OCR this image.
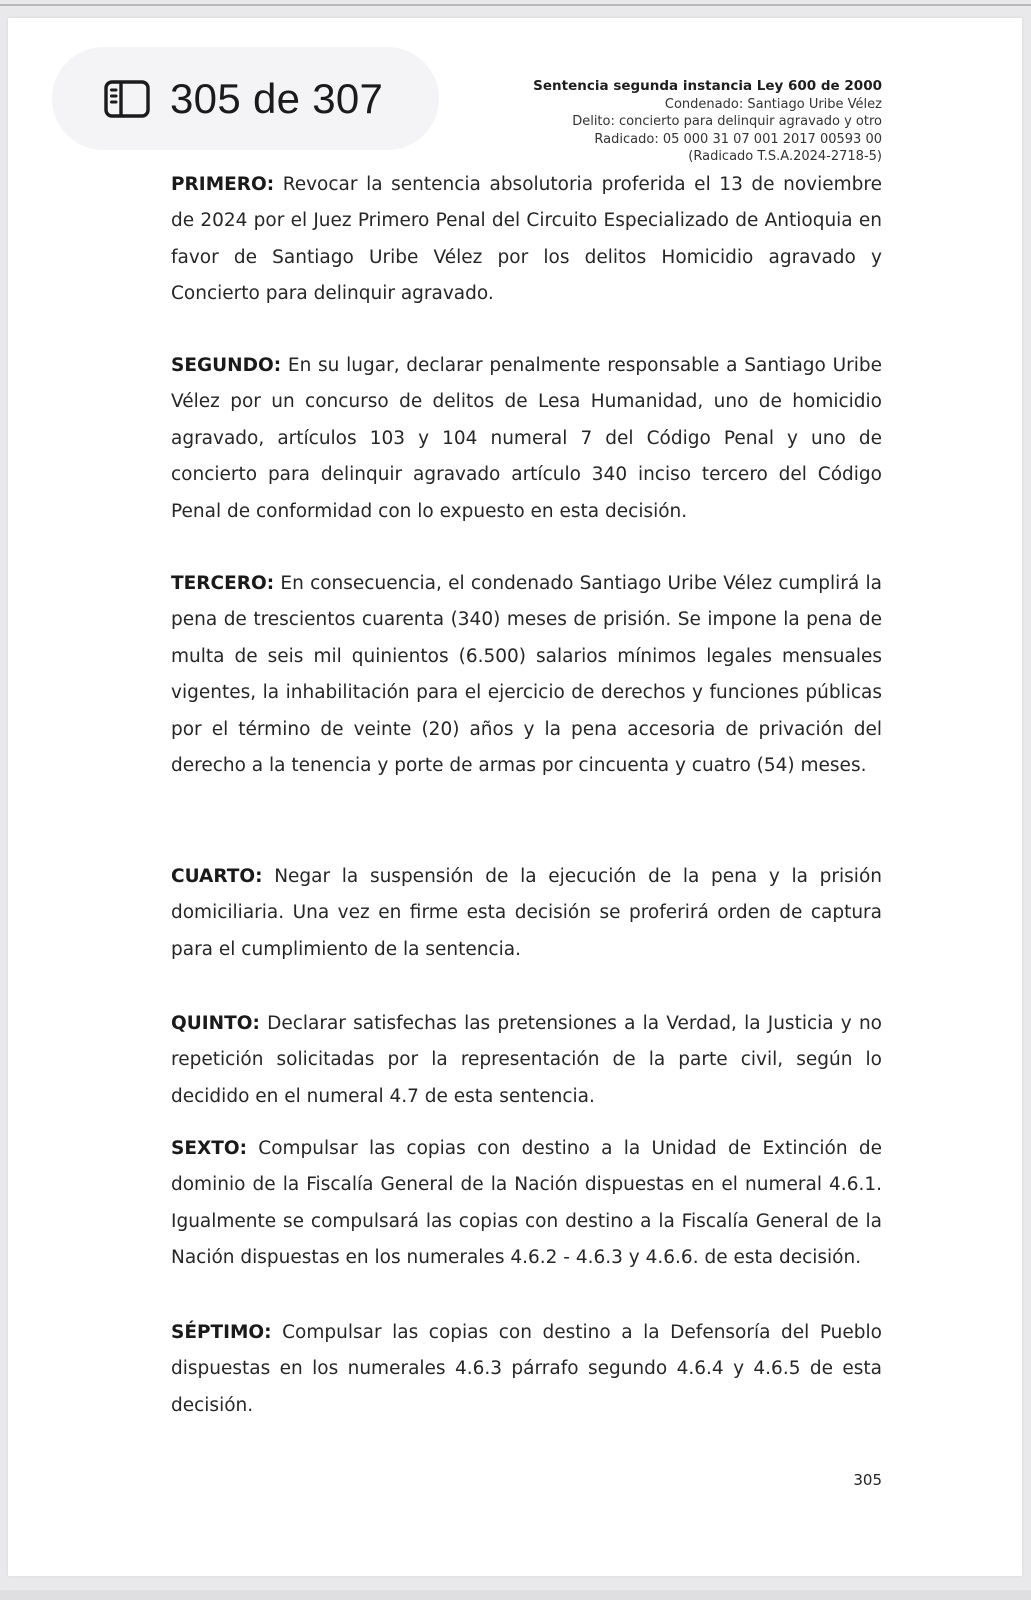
305 de 307	Sentencia segunda instancia Ley 600 de 2000
Condenado: Santiago Uribe Vélez
Delito: concierto para delinquir agravado y otro
Radicado: 05 000 31 07 001 2017 00593 00
(Radicado T.S.A.2024-2718-5)

PRIMERO: Revocar la sentencia absolutoria proferida el 13 de noviembre de 2024 por el Juez Primero Penal del Circuito Especializado de Antioquia en favor de Santiago Uribe Vélez por los delitos Homicidio agravado y Concierto para delinquir agravado.

SEGUNDO: En su lugar, declarar penalmente responsable a Santiago Uribe Vélez por un concurso de delitos de Lesa Humanidad, uno de homicidio agravado, artículos 103 y 104 numeral 7 del Código Penal y uno de concierto para delinquir agravado artículo 340 inciso tercero del Código Penal de conformidad con lo expuesto en esta decisión.

TERCERO: En consecuencia, el condenado Santiago Uribe Vélez cumplirá la pena de trescientos cuarenta (340) meses de prisión. Se impone la pena de multa de seis mil quinientos (6.500) salarios mínimos legales mensuales vigentes, la inhabilitación para el ejercicio de derechos y funciones públicas por el término de veinte (20) años y la pena accesoria de privación del derecho a la tenencia y porte de armas por cincuenta y cuatro (54) meses.

CUARTO: Negar la suspensión de la ejecución de la pena y la prisión domiciliaria. Una vez en firme esta decisión se proferirá orden de captura para el cumplimiento de la sentencia.

QUINTO: Declarar satisfechas las pretensiones a la Verdad, la Justicia y no repetición solicitadas por la representación de la parte civil, según lo decidido en el numeral 4.7 de esta sentencia.

SEXTO: Compulsar las copias con destino a la Unidad de Extinción de dominio de la Fiscalía General de la Nación dispuestas en el numeral 4.6.1. Igualmente se compulsará las copias con destino a la Fiscalía General de la Nación dispuestas en los numerales 4.6.2 - 4.6.3 y 4.6.6. de esta decisión.

SÉPTIMO: Compulsar las copias con destino a la Defensoría del Pueblo dispuestas en los numerales 4.6.3 párrafo segundo 4.6.4 y 4.6.5 de esta decisión.

305
